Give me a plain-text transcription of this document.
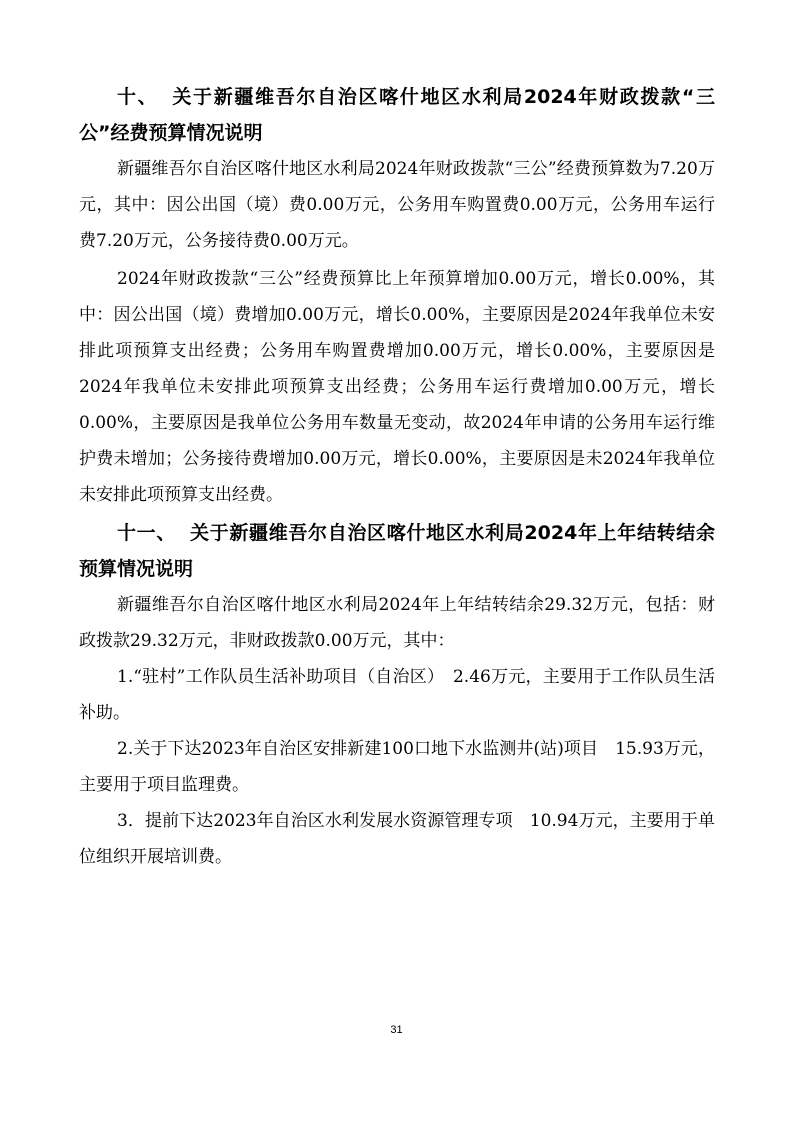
十、 关于新疆维吾尔自治区喀什地区水利局2024年财政拨款“三公”经费预算情况说明

新疆维吾尔自治区喀什地区水利局2024年财政拨款“三公”经费预算数为7.20万元，其中：因公出国（境）费0.00万元，公务用车购置费0.00万元，公务用车运行费7.20万元，公务接待费0.00万元。

2024年财政拨款“三公”经费预算比上年预算增加0.00万元，增长0.00%，其中：因公出国（境）费增加0.00万元，增长0.00%，主要原因是2024年我单位未安排此项预算支出经费；公务用车购置费增加0.00万元，增长0.00%，主要原因是2024年我单位未安排此项预算支出经费；公务用车运行费增加0.00万元，增长0.00%，主要原因是我单位公务用车数量无变动，故2024年申请的公务用车运行维护费未增加；公务接待费增加0.00万元，增长0.00%，主要原因是未2024年我单位未安排此项预算支出经费。

十一、 关于新疆维吾尔自治区喀什地区水利局2024年上年结转结余预算情况说明

新疆维吾尔自治区喀什地区水利局2024年上年结转结余29.32万元，包括：财政拨款29.32万元，非财政拨款0.00万元，其中：

1.“驻村”工作队员生活补助项目（自治区）　2.46万元，主要用于工作队员生活补助。

2.关于下达2023年自治区安排新建100口地下水监测井(站)项目　15.93万元，主要用于项目监理费。

3．提前下达2023年自治区水利发展水资源管理专项　10.94万元，主要用于单位组织开展培训费。

31
